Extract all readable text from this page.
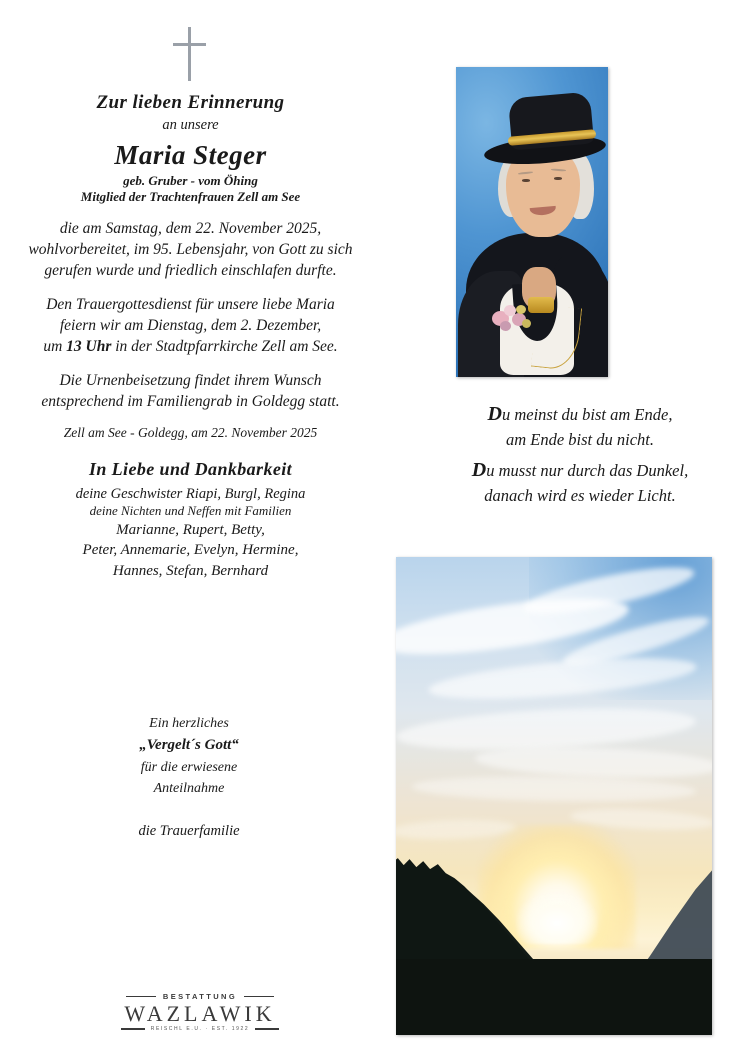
Zur lieben Erinnerung
an unsere
Maria Steger
geb. Gruber - vom Öhing
Mitglied der Trachtenfrauen Zell am See
die am Samstag, dem 22. November 2025, wohlvorbereitet, im 95. Lebensjahr, von Gott zu sich gerufen wurde und friedlich einschlafen durfte.
Den Trauergottesdienst für unsere liebe Maria
feiern wir am Dienstag, dem 2. Dezember,
um 13 Uhr in der Stadtpfarrkirche Zell am See.
Die Urnenbeisetzung findet ihrem Wunsch entsprechend im Familiengrab in Goldegg statt.
Zell am See - Goldegg, am 22. November 2025
In Liebe und Dankbarkeit
deine Geschwister Riapi, Burgl, Regina
deine Nichten und Neffen mit Familien
Marianne, Rupert, Betty,
Peter, Annemarie, Evelyn, Hermine,
Hannes, Stefan, Bernhard
Du meinst du bist am Ende,
am Ende bist du nicht.
Du musst nur durch das Dunkel,
danach wird es wieder Licht.
Ein herzliches
„Vergelt´s Gott“
für die erwiesene
Anteilnahme
die Trauerfamilie
BESTATTUNG
WAZLAWIK
REISCHL E.U. · EST. 1922
